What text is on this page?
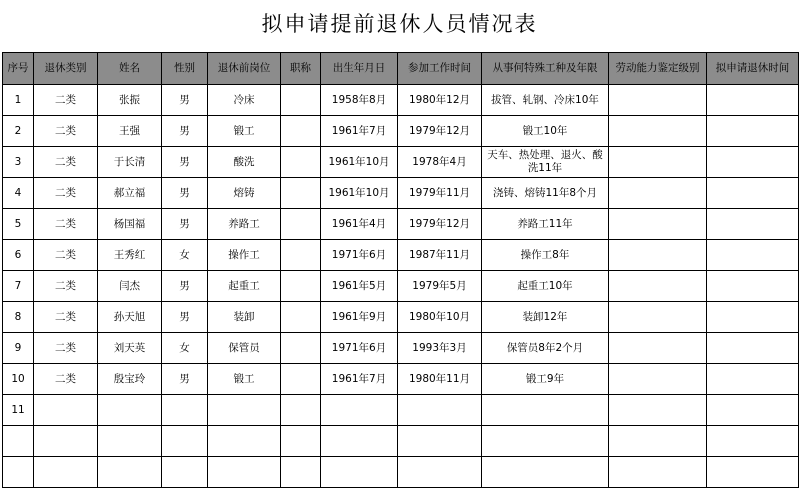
拟申请提前退休人员情况表
序号	退休类别	姓名	性别	退休前岗位	职称	出生年月日	参加工作时间	从事何特殊工种及年限	劳动能力鉴定级别	拟申请退休时间
1	二类	张振	男	冷床		1958年8月	1980年12月	拔管、轧钢、冷床10年		
2	二类	王强	男	锻工		1961年7月	1979年12月	锻工10年		
3	二类	于长清	男	酸洗		1961年10月	1978年4月	天车、热处理、退火、酸洗11年		
4	二类	郝立福	男	熔铸		1961年10月	1979年11月	浇铸、熔铸11年8个月		
5	二类	杨国福	男	养路工		1961年4月	1979年12月	养路工11年		
6	二类	王秀红	女	操作工		1971年6月	1987年11月	操作工8年		
7	二类	闫杰	男	起重工		1961年5月	1979年5月	起重工10年		
8	二类	孙天旭	男	装卸		1961年9月	1980年10月	装卸12年		
9	二类	刘天英	女	保管员		1971年6月	1993年3月	保管员8年2个月		
10	二类	殷宝玲	男	锻工		1961年7月	1980年11月	锻工9年		
11										
